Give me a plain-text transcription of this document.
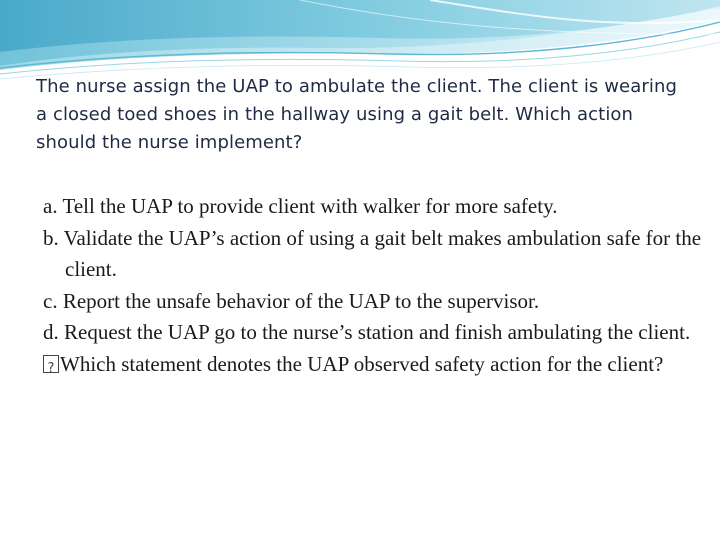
The nurse assign the UAP to ambulate the client. The client is wearing a closed toed shoes in the hallway using a gait belt. Which action should the nurse implement?

a. Tell the UAP to provide client with walker for more safety.
b. Validate the UAP’s action of using a gait belt makes ambulation safe for the client.
c. Report the unsafe behavior of the UAP to the supervisor.
d. Request the UAP go to the nurse’s station and finish ambulating the client.
?Which statement denotes the UAP observed safety action for the client?
